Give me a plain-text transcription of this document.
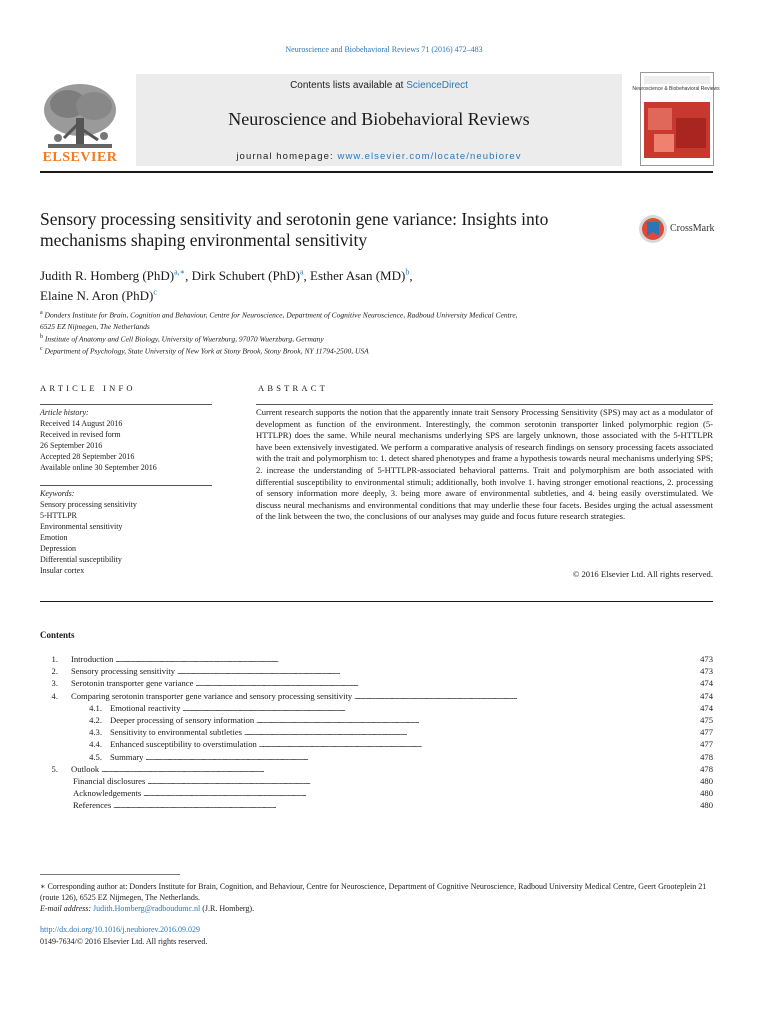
Neuroscience and Biobehavioral Reviews 71 (2016) 472–483
ELSEVIER
Contents lists available at ScienceDirect
Neuroscience and Biobehavioral Reviews
journal homepage: www.elsevier.com/locate/neubiorev
Neuroscience & Biobehavioral Reviews
Sensory processing sensitivity and serotonin gene variance: Insights into mechanisms shaping environmental sensitivity
CrossMark
Judith R. Homberg (PhD)$^{a,∗}$, Dirk Schubert (PhD)$^a$, Esther Asan (MD)$^b$,
Elaine N. Aron (PhD)$^c$
$^a$ Donders Institute for Brain, Cognition and Behaviour, Centre for Neuroscience, Department of Cognitive Neuroscience, Radboud University Medical Centre,
6525 EZ Nijmegen, The Netherlands
$^b$ Institute of Anatomy and Cell Biology, University of Wuerzburg, 97070 Wuerzburg, Germany
$^c$ Department of Psychology, State University of New York at Stony Brook, Stony Brook, NY 11794-2500, USA
ARTICLE INFO
Article history:
Received 14 August 2016
Received in revised form
26 September 2016
Accepted 28 September 2016
Available online 30 September 2016
Keywords:
Sensory processing sensitivity
5-HTTLPR
Environmental sensitivity
Emotion
Depression
Differential susceptibility
Insular cortex
ABSTRACT
Current research supports the notion that the apparently innate trait Sensory Processing Sensitivity (SPS) may act as a modulator of development as function of the environment. Interestingly, the common serotonin transporter linked polymorphic region (5-HTTLPR) does the same. While neural mechanisms underlying SPS are largely unknown, those associated with the 5-HTTLPR have been extensively investigated. We perform a comparative analysis of research findings on sensory processing facets associated with the trait and polymorphism to: 1. detect shared phenotypes and frame a hypothesis towards neural mechanisms underlying SPS; 2. increase the understanding of 5-HTTLPR-associated behavioral patterns. Trait and polymorphism are both associated with differential susceptibility to environmental stimuli; additionally, both involve 1. having stronger emotional reactions, 2. processing of sensory information more deeply, 3. being more aware of environmental subtleties, and 4. being easily overstimulated. We discuss neural mechanisms and environmental conditions that may underlie these four facets. Besides urging the actual assessment of the link between the two, the conclusions of our analyses may guide and focus future research strategies.
© 2016 Elsevier Ltd. All rights reserved.
Contents
1.	Introduction . . .	473
2.	Sensory processing sensitivity . . .	473
3.	Serotonin transporter gene variance . . .	474
4.	Comparing serotonin transporter gene variance and sensory processing sensitivity . . .	474
4.1. Emotional reactivity . . .	474
4.2. Deeper processing of sensory information . . .	475
4.3. Sensitivity to environmental subtleties . . .	477
4.4. Enhanced susceptibility to overstimulation . . .	477
4.5. Summary . . .	478
5.	Outlook . . .	478
Financial disclosures . . .	480
Acknowledgements . . .	480
References . . .	480
∗ Corresponding author at: Donders Institute for Brain, Cognition, and Behaviour, Centre for Neuroscience, Department of Cognitive Neuroscience, Radboud University Medical Centre, Geert Grooteplein 21 (route 126), 6525 EZ Nijmegen, The Netherlands.
E-mail address: Judith.Homberg@radboudumc.nl (J.R. Homberg).
http://dx.doi.org/10.1016/j.neubiorev.2016.09.029
0149-7634/© 2016 Elsevier Ltd. All rights reserved.
